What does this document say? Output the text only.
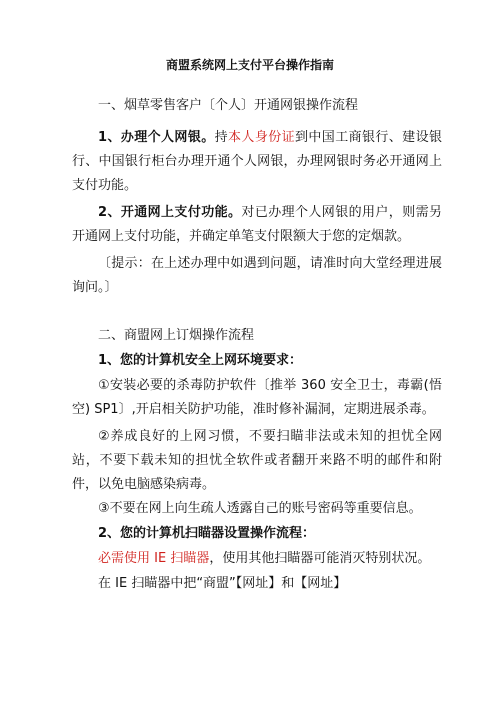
商盟系统网上支付平台操作指南
一、烟草零售客户〔个人〕开通网银操作流程
1、办理个人网银。持本人身份证到中国工商银行、建设银行、中国银行柜台办理开通个人网银，办理网银时务必开通网上支付功能。
2、开通网上支付功能。对已办理个人网银的用户，则需另开通网上支付功能，并确定单笔支付限额大于您的定烟款。
〔提示：在上述办理中如遇到问题，请准时向大堂经理进展询问。〕
二、商盟网上订烟操作流程
1、您的计算机安全上网环境要求：
①安装必要的杀毒防护软件〔推举 360 安全卫士，毒霸(悟空) SP1〕,开启相关防护功能，准时修补漏洞，定期进展杀毒。
②养成良好的上网习惯，不要扫瞄非法或未知的担忧全网站，不要下载未知的担忧全软件或者翻开来路不明的邮件和附件，以免电脑感染病毒。
③不要在网上向生疏人透露自己的账号密码等重要信息。
2、您的计算机扫瞄器设置操作流程：
必需使用 IE 扫瞄器，使用其他扫瞄器可能消灭特别状况。
在 IE 扫瞄器中把“商盟”【网址】和【网址】
